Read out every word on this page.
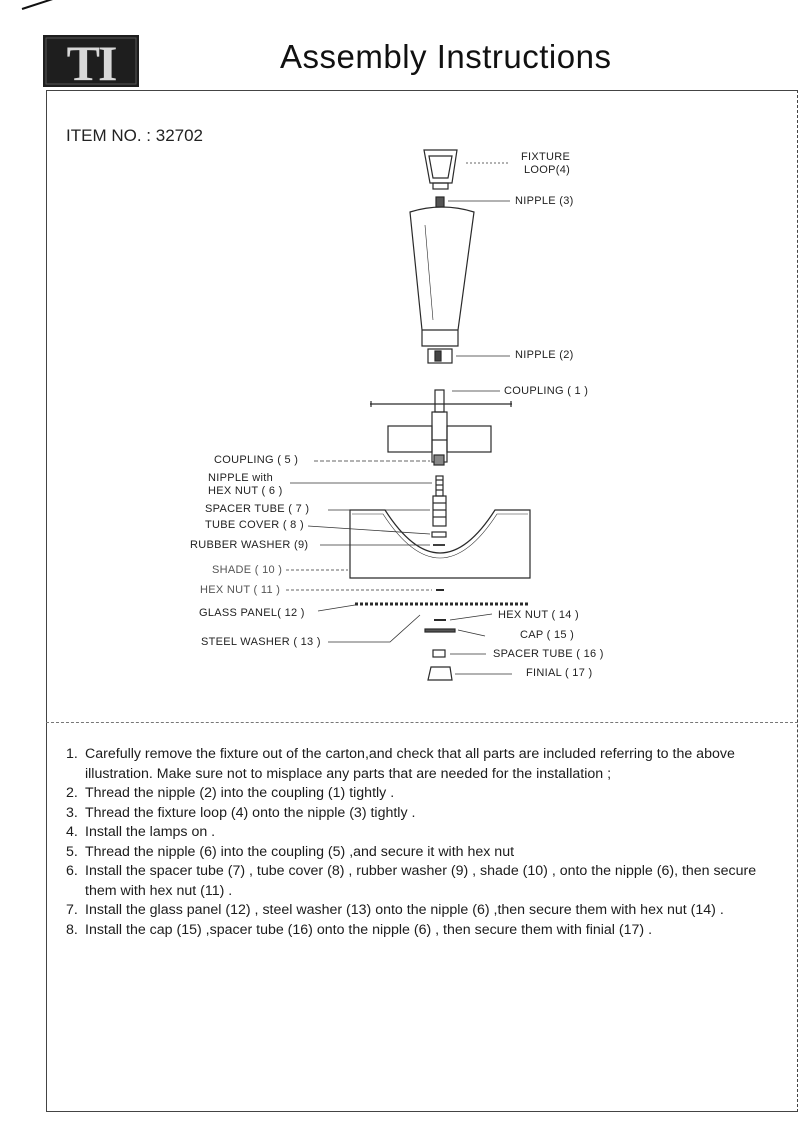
TI	Assembly Instructions
ITEM NO. : 32702
FIXTURE
LOOP(4)
NIPPLE (3)
NIPPLE (2)
COUPLING ( 1 )
COUPLING ( 5 )
NIPPLE with
HEX NUT ( 6 )
SPACER TUBE ( 7 )
TUBE COVER ( 8 )
RUBBER WASHER (9)
SHADE ( 10 )
HEX NUT ( 11 )
GLASS PANEL( 12 )
STEEL WASHER ( 13 )
HEX NUT ( 14 )
CAP ( 15 )
SPACER TUBE ( 16 )
FINIAL ( 17 )
1. Carefully remove the fixture out of the carton,and check that all parts are included referring to the above illustration. Make sure not to misplace any parts that are needed for the installation ;
2. Thread the nipple (2) into the coupling (1) tightly .
3. Thread the fixture loop (4) onto the nipple (3) tightly .
4. Install the lamps on .
5. Thread the nipple (6) into the coupling (5) ,and secure it with hex nut
6. Install the spacer tube (7) , tube cover (8) , rubber washer (9) , shade (10) , onto the nipple (6), then secure them with hex nut (11) .
7. Install the glass panel (12) , steel washer (13) onto the nipple (6) ,then secure them with hex nut (14) .
8. Install the cap (15) ,spacer tube (16) onto the nipple (6) , then secure them with finial (17) .
